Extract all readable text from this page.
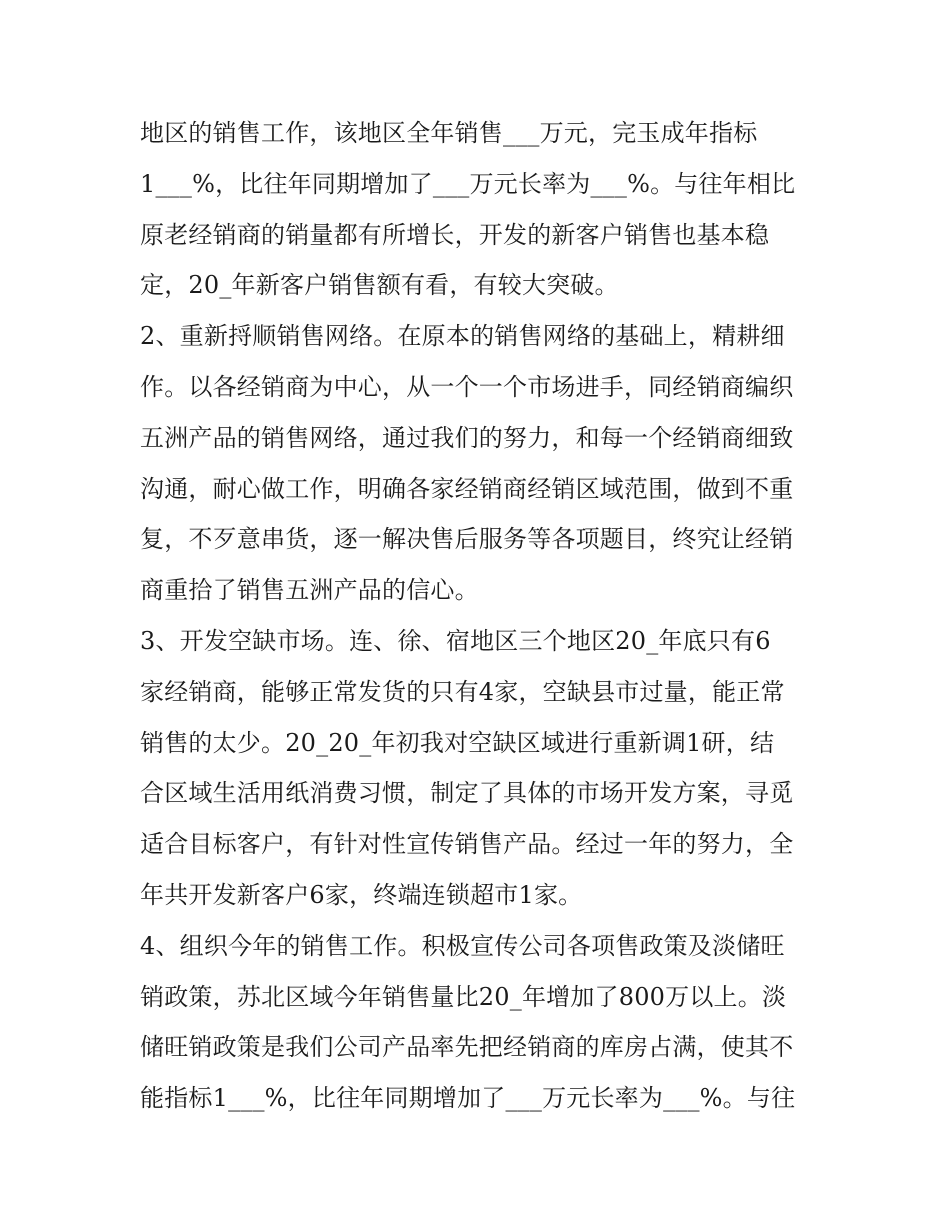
地区的销售工作，该地区全年销售___万元，完玉成年指标
1___%，比往年同期增加了___万元长率为___%。与往年相比
原老经销商的销量都有所增长，开发的新客户销售也基本稳
定，20_年新客户销售额有看，有较大突破。
2、重新捋顺销售网络。在原本的销售网络的基础上，精耕细
作。以各经销商为中心，从一个一个市场进手，同经销商编织
五洲产品的销售网络，通过我们的努力，和每一个经销商细致
沟通，耐心做工作，明确各家经销商经销区域范围，做到不重
复，不歹意串货，逐一解决售后服务等各项题目，终究让经销
商重拾了销售五洲产品的信心。
3、开发空缺市场。连、徐、宿地区三个地区20_年底只有6
家经销商，能够正常发货的只有4家，空缺县市过量，能正常
销售的太少。20_20_年初我对空缺区域进行重新调1研，结
合区域生活用纸消费习惯，制定了具体的市场开发方案，寻觅
适合目标客户，有针对性宣传销售产品。经过一年的努力，全
年共开发新客户6家，终端连锁超市1家。
4、组织今年的销售工作。积极宣传公司各项售政策及淡储旺
销政策，苏北区域今年销售量比20_年增加了800万以上。淡
储旺销政策是我们公司产品率先把经销商的库房占满，使其不
能指标1___%，比往年同期增加了___万元长率为___%。与往
